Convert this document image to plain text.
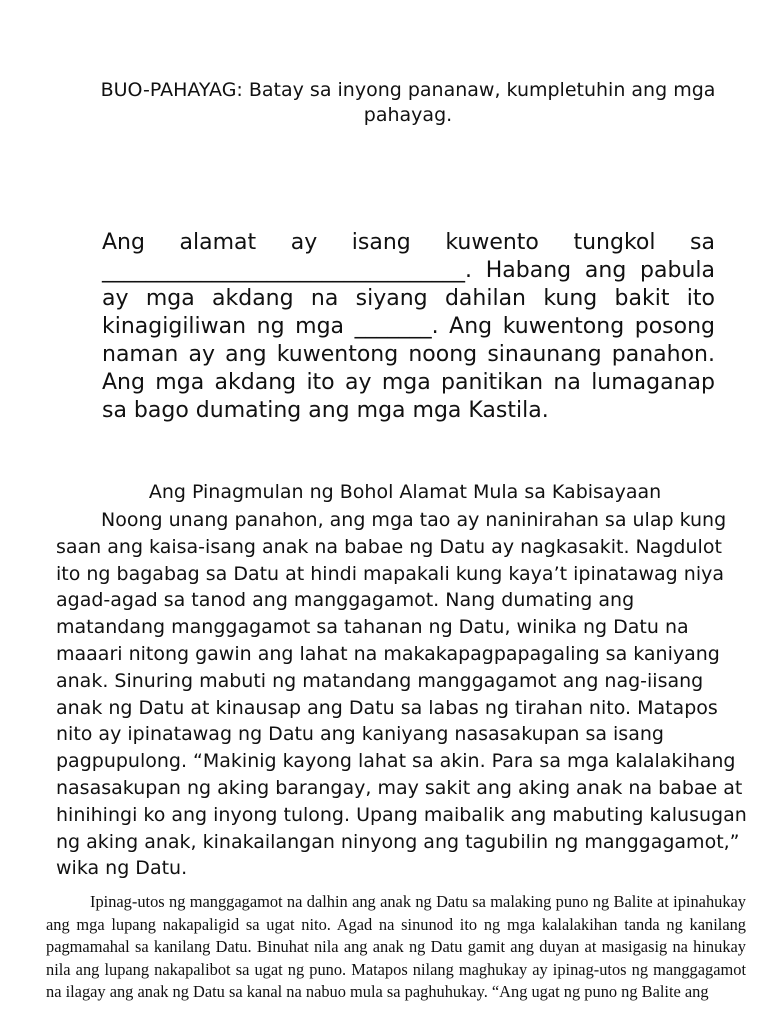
BUO-PAHAYAG: Batay sa inyong pananaw, kumpletuhin ang mga pahayag.

Ang alamat ay isang kuwento tungkol sa _________________________________. Habang ang pabula ay mga akdang na siyang dahilan kung bakit ito kinagigiliwan ng mga _______. Ang kuwentong posong naman ay ang kuwentong noong sinaunang panahon. Ang mga akdang ito ay mga panitikan na lumaganap sa bago dumating ang mga mga Kastila.

Ang Pinagmulan ng Bohol Alamat Mula sa Kabisayaan

Noong unang panahon, ang mga tao ay naninirahan sa ulap kung saan ang kaisa-isang anak na babae ng Datu ay nagkasakit. Nagdulot ito ng bagabag sa Datu at hindi mapakali kung kaya’t ipinatawag niya agad-agad sa tanod ang manggagamot. Nang dumating ang matandang manggagamot sa tahanan ng Datu, winika ng Datu na maaari nitong gawin ang lahat na makakapagpapagaling sa kaniyang anak. Sinuring mabuti ng matandang manggagamot ang nag-iisang anak ng Datu at kinausap ang Datu sa labas ng tirahan nito. Matapos nito ay ipinatawag ng Datu ang kaniyang nasasakupan sa isang pagpupulong. “Makinig kayong lahat sa akin. Para sa mga kalalakihang nasasakupan ng aking barangay, may sakit ang aking anak na babae at hinihingi ko ang inyong tulong. Upang maibalik ang mabuting kalusugan ng aking anak, kinakailangan ninyong ang tagubilin ng manggagamot,” wika ng Datu.

Ipinag-utos ng manggagamot na dalhin ang anak ng Datu sa malaking puno ng Balite at ipinahukay ang mga lupang nakapaligid sa ugat nito. Agad na sinunod ito ng mga kalalakihan tanda ng kanilang pagmamahal sa kanilang Datu. Binuhat nila ang anak ng Datu gamit ang duyan at masigasig na hinukay nila ang lupang nakapalibot sa ugat ng puno. Matapos nilang maghukay ay ipinag-utos ng manggagamot na ilagay ang anak ng Datu sa kanal na nabuo mula sa paghuhukay. “Ang ugat ng puno ng Balite ang
